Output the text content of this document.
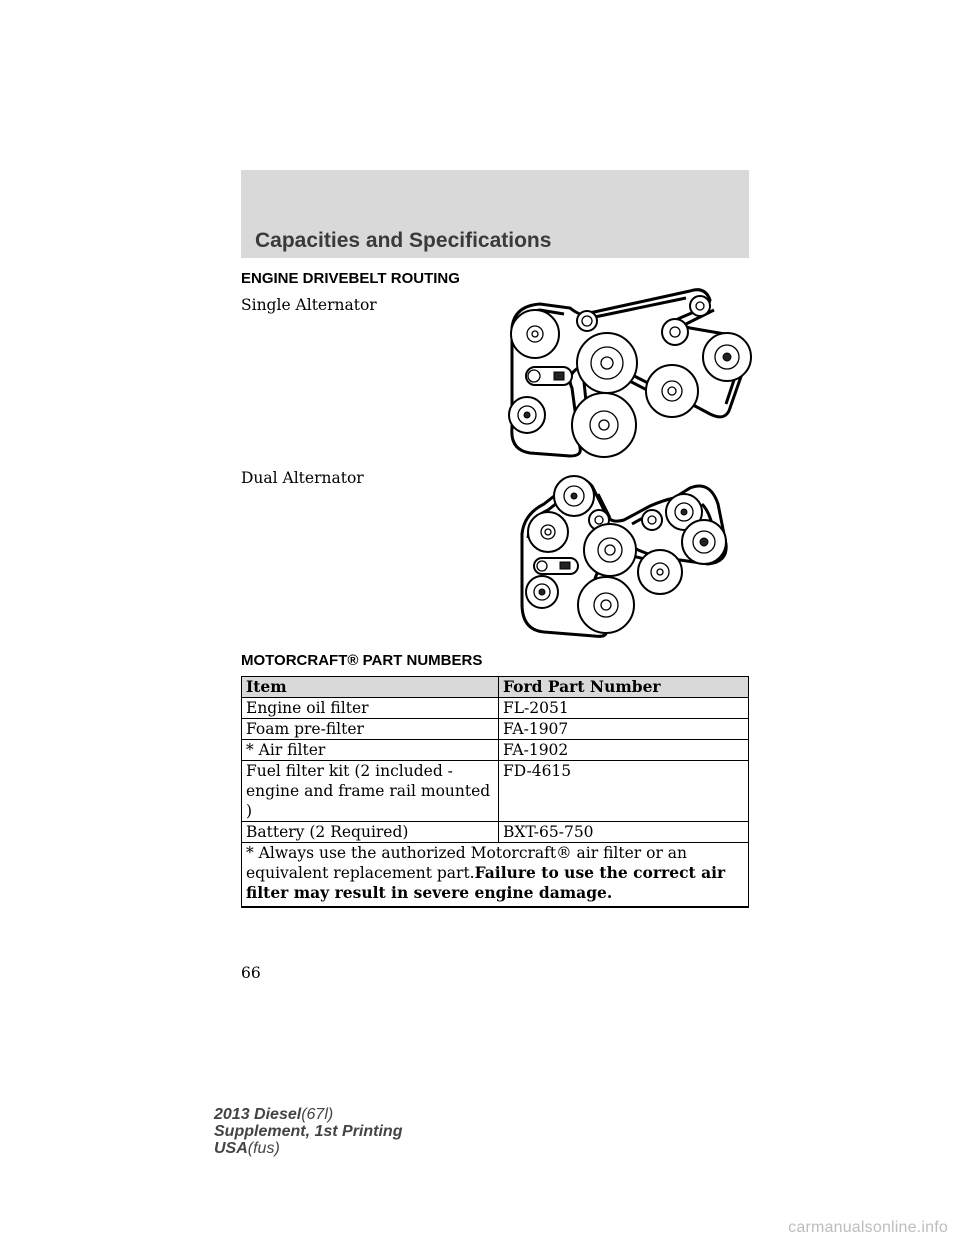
Capacities and Specifications
ENGINE DRIVEBELT ROUTING
Single Alternator
Dual Alternator
MOTORCRAFT® PART NUMBERS
Item	Ford Part Number
Engine oil filter	FL-2051
Foam pre-filter	FA-1907
* Air filter	FA-1902
Fuel filter kit (2 included - engine and frame rail mounted )	FD-4615
Battery (2 Required)	BXT-65-750
* Always use the authorized Motorcraft® air filter or an equivalent replacement part.Failure to use the correct air filter may result in severe engine damage.	
66
2013 Diesel(67l)
Supplement, 1st Printing
USA(fus)
carmanualsonline.info
